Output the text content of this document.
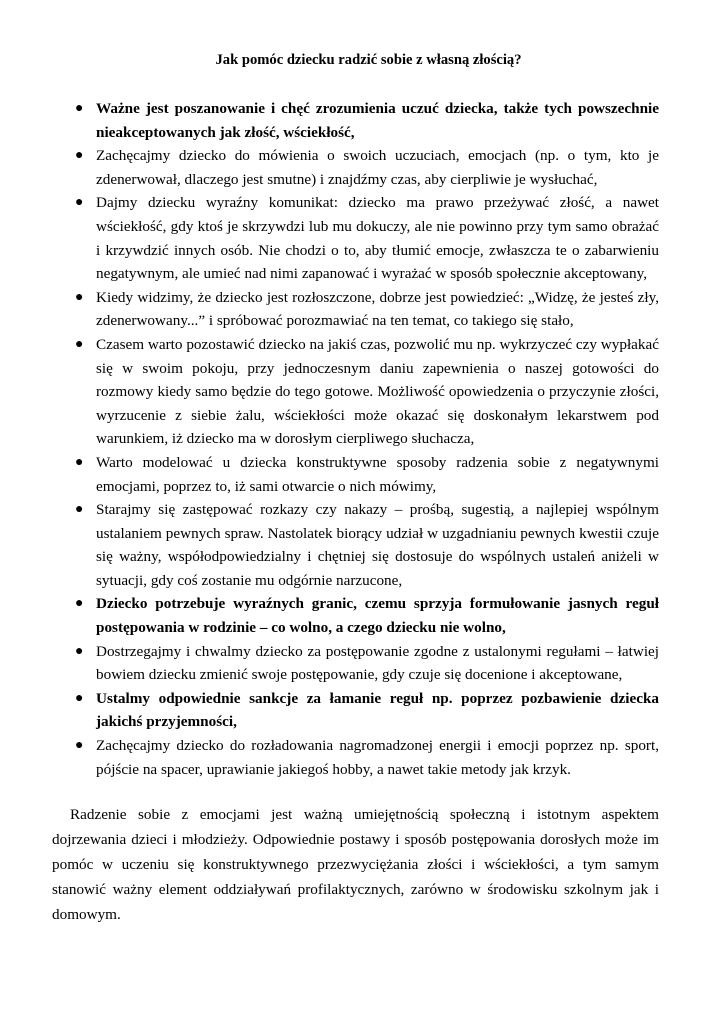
Jak pomóc dziecku radzić sobie z własną złością?
● Ważne jest poszanowanie i chęć zrozumienia uczuć dziecka, także tych powszechnie nieakceptowanych jak złość, wściekłość,
● Zachęcajmy dziecko do mówienia o swoich uczuciach, emocjach (np. o tym, kto je zdenerwował, dlaczego jest smutne) i znajdźmy czas, aby cierpliwie je wysłuchać,
● Dajmy dziecku wyraźny komunikat: dziecko ma prawo przeżywać złość, a nawet wściekłość, gdy ktoś je skrzywdzi lub mu dokuczy, ale nie powinno przy tym samo obrażać i krzywdzić innych osób. Nie chodzi o to, aby tłumić emocje, zwłaszcza te o zabarwieniu negatywnym, ale umieć nad nimi zapanować i wyrażać w sposób społecznie akceptowany,
● Kiedy widzimy, że dziecko jest rozłoszczone, dobrze jest powiedzieć: „Widzę, że jesteś zły, zdenerwowany...” i spróbować porozmawiać na ten temat, co takiego się stało,
● Czasem warto pozostawić dziecko na jakiś czas, pozwolić mu np. wykrzyczeć czy wypłakać się w swoim pokoju, przy jednoczesnym daniu zapewnienia o naszej gotowości do rozmowy kiedy samo będzie do tego gotowe. Możliwość opowiedzenia o przyczynie złości, wyrzucenie z siebie żalu, wściekłości może okazać się doskonałym lekarstwem pod warunkiem, iż dziecko ma w dorosłym cierpliwego słuchacza,
● Warto modelować u dziecka konstruktywne sposoby radzenia sobie z negatywnymi emocjami, poprzez to, iż sami otwarcie o nich mówimy,
● Starajmy się zastępować rozkazy czy nakazy – prośbą, sugestią, a najlepiej wspólnym ustalaniem pewnych spraw. Nastolatek biorący udział w uzgadnianiu pewnych kwestii czuje się ważny, współodpowiedzialny i chętniej się dostosuje do wspólnych ustaleń aniżeli w sytuacji, gdy coś zostanie mu odgórnie narzucone,
● Dziecko potrzebuje wyraźnych granic, czemu sprzyja formułowanie jasnych reguł postępowania w rodzinie – co wolno, a czego dziecku nie wolno,
● Dostrzegajmy i chwalmy dziecko za postępowanie zgodne z ustalonymi regułami – łatwiej bowiem dziecku zmienić swoje postępowanie, gdy czuje się docenione i akceptowane,
● Ustalmy odpowiednie sankcje za łamanie reguł np. poprzez pozbawienie dziecka jakichś przyjemności,
● Zachęcajmy dziecko do rozładowania nagromadzonej energii i emocji poprzez np. sport, pójście na spacer, uprawianie jakiegoś hobby, a nawet takie metody jak krzyk.

Radzenie sobie z emocjami jest ważną umiejętnością społeczną i istotnym aspektem dojrzewania dzieci i młodzieży. Odpowiednie postawy i sposób postępowania dorosłych może im pomóc w uczeniu się konstruktywnego przezwyciężania złości i wściekłości, a tym samym stanowić ważny element oddziaływań profilaktycznych, zarówno w środowisku szkolnym jak i domowym.
